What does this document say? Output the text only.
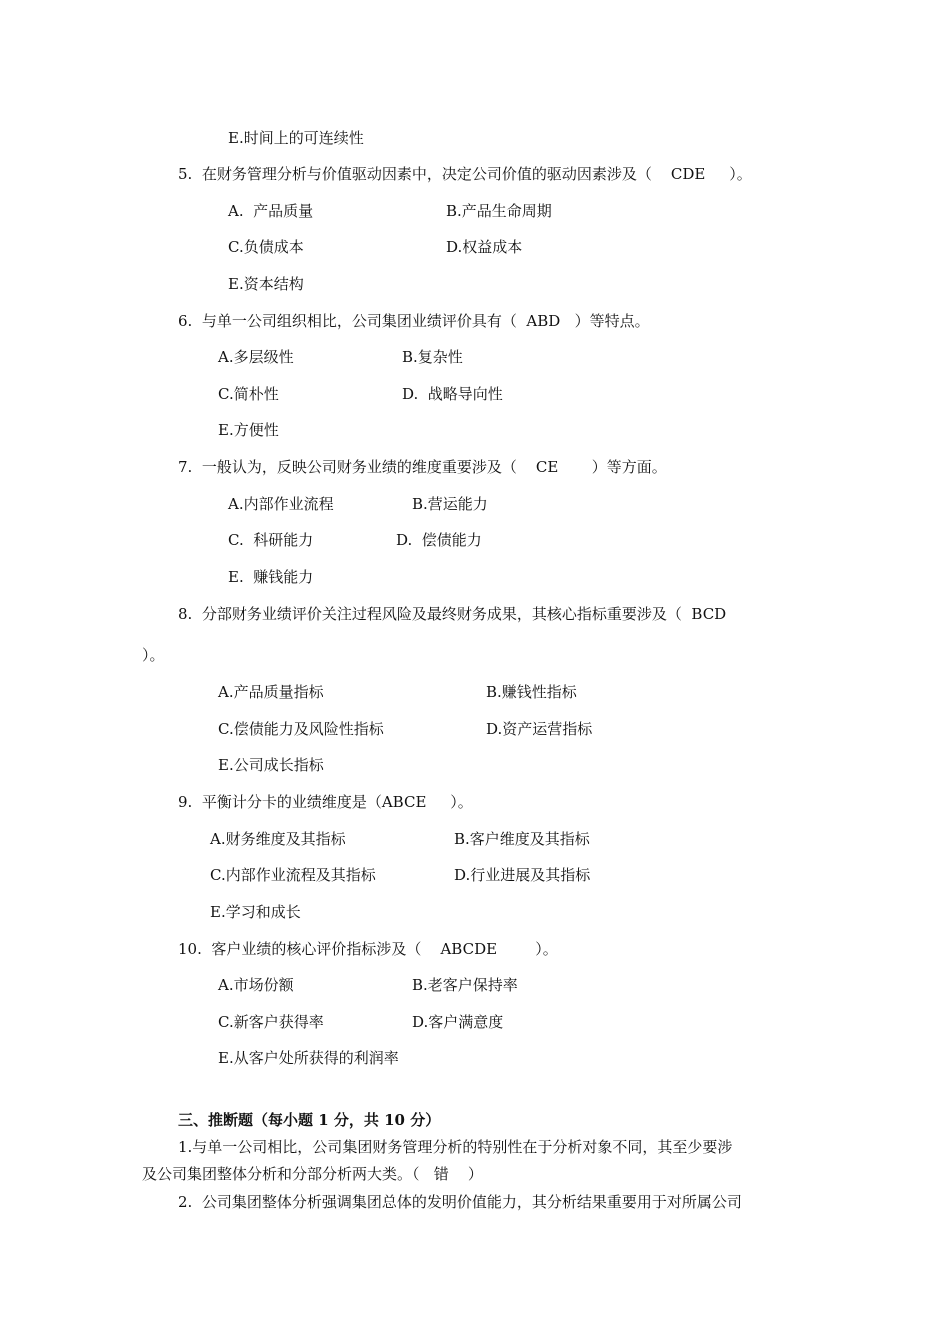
E.时间上的可连续性
5.  在财务管理分析与价值驱动因素中，决定公司价值的驱动因素涉及（    CDE     ）。
A.  产品质量	B.产品生命周期
C.负债成本	D.权益成本
E.资本结构
6.  与单一公司组织相比，公司集团业绩评价具有（  ABD   ）等特点。
A.多层级性	B.复杂性
C.简朴性	D.  战略导向性
E.方便性
7.  一般认为，反映公司财务业绩的维度重要涉及（    CE       ）等方面。
A.内部作业流程	B.营运能力
C.  科研能力	D.  偿债能力
E.  赚钱能力
8.  分部财务业绩评价关注过程风险及最终财务成果，其核心指标重要涉及（  BCD
）。
A.产品质量指标	B.赚钱性指标
C.偿债能力及风险性指标	D.资产运营指标
E.公司成长指标
9.  平衡计分卡的业绩维度是（ABCE     ）。
A.财务维度及其指标	B.客户维度及其指标
C.内部作业流程及其指标	D.行业进展及其指标
E.学习和成长
10.  客户业绩的核心评价指标涉及（    ABCDE        ）。
A.市场份额	B.老客户保持率
C.新客户获得率	D.客户满意度
E.从客户处所获得的利润率
三、推断题（每小题 1 分，共 10 分）
1.与单一公司相比，公司集团财务管理分析的特别性在于分析对象不同，其至少要涉
及公司集团整体分析和分部分析两大类。（   错    ）
2.  公司集团整体分析强调集团总体的发明价值能力，其分析结果重要用于对所属公司
